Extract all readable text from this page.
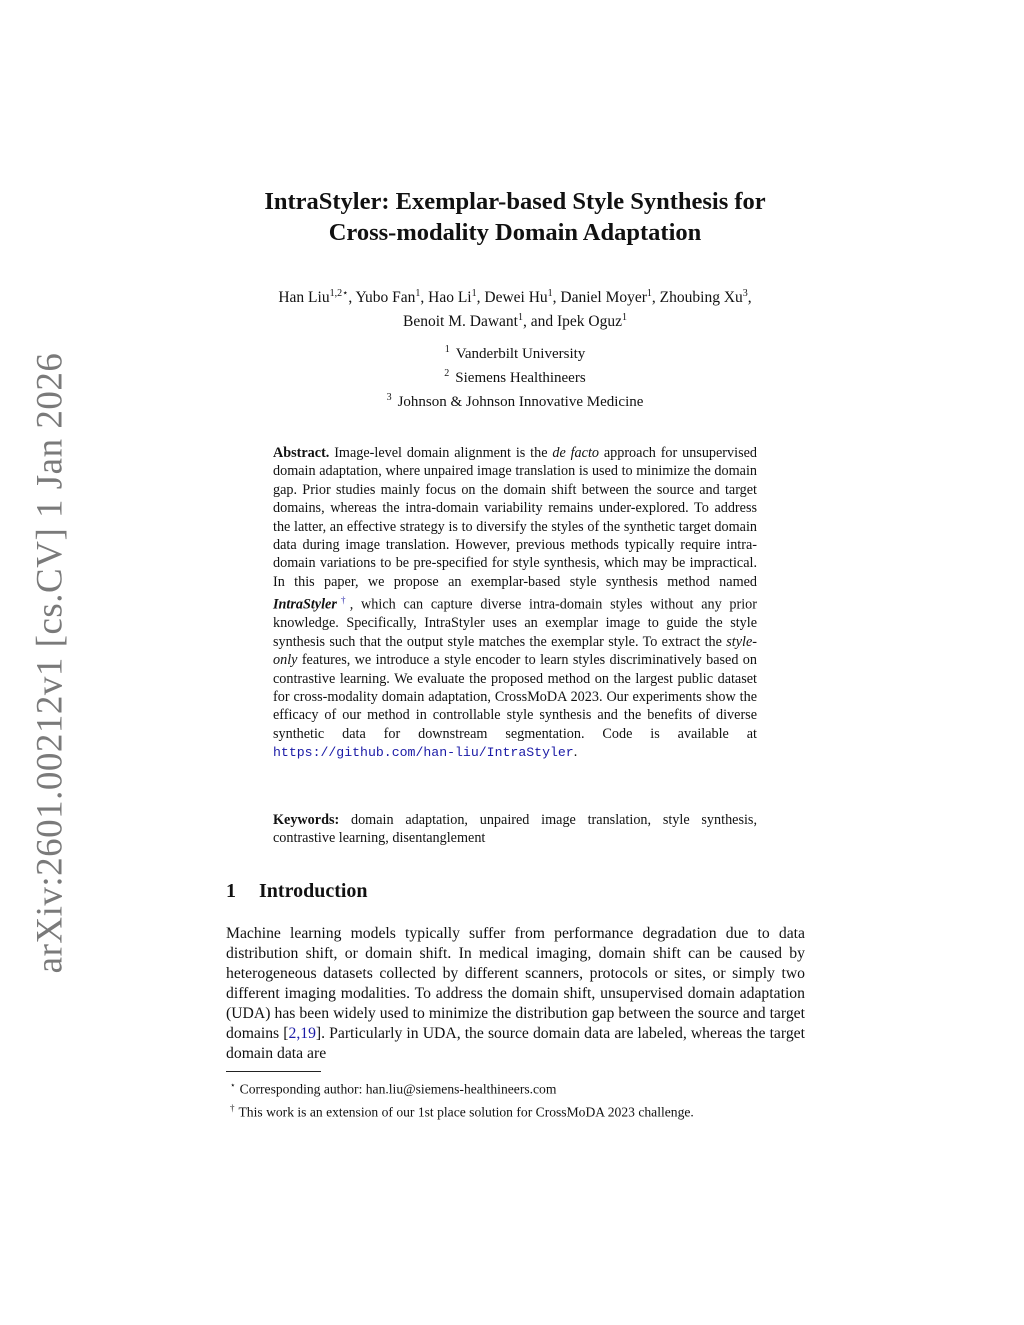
arXiv:2601.00212v1 [cs.CV] 1 Jan 2026
IntraStyler: Exemplar-based Style Synthesis for
Cross-modality Domain Adaptation
Han Liu$^{1,2⋆}$, Yubo Fan$^1$, Hao Li$^1$, Dewei Hu$^1$, Daniel Moyer$^1$, Zhoubing Xu$^3$,
Benoit M. Dawant$^1$, and Ipek Oguz$^1$
$^1$ Vanderbilt University
$^2$ Siemens Healthineers
$^3$ Johnson & Johnson Innovative Medicine
Abstract. Image-level domain alignment is the de facto approach for unsupervised domain adaptation, where unpaired image translation is used to minimize the domain gap. Prior studies mainly focus on the domain shift between the source and target domains, whereas the intra-domain variability remains under-explored. To address the latter, an effective strategy is to diversify the styles of the synthetic target domain data during image translation. However, previous methods typically require intra-domain variations to be pre-specified for style synthesis, which may be impractical. In this paper, we propose an exemplar-based style synthesis method named IntraStyler†, which can capture diverse intra-domain styles without any prior knowledge. Specifically, IntraStyler uses an exemplar image to guide the style synthesis such that the output style matches the exemplar style. To extract the style-only features, we introduce a style encoder to learn styles discriminatively based on contrastive learning. We evaluate the proposed method on the largest public dataset for cross-modality domain adaptation, CrossMoDA 2023. Our experiments show the efficacy of our method in controllable style synthesis and the benefits of diverse synthetic data for downstream segmentation. Code is available at https://github.com/han-liu/IntraStyler.
Keywords: domain adaptation, unpaired image translation, style synthesis, contrastive learning, disentanglement
1 Introduction
Machine learning models typically suffer from performance degradation due to data distribution shift, or domain shift. In medical imaging, domain shift can be caused by heterogeneous datasets collected by different scanners, protocols or sites, or simply two different imaging modalities. To address the domain shift, unsupervised domain adaptation (UDA) has been widely used to minimize the distribution gap between the source and target domains [2,19]. Particularly in UDA, the source domain data are labeled, whereas the target domain data are
⋆ Corresponding author: han.liu@siemens-healthineers.com
† This work is an extension of our 1st place solution for CrossMoDA 2023 challenge.
